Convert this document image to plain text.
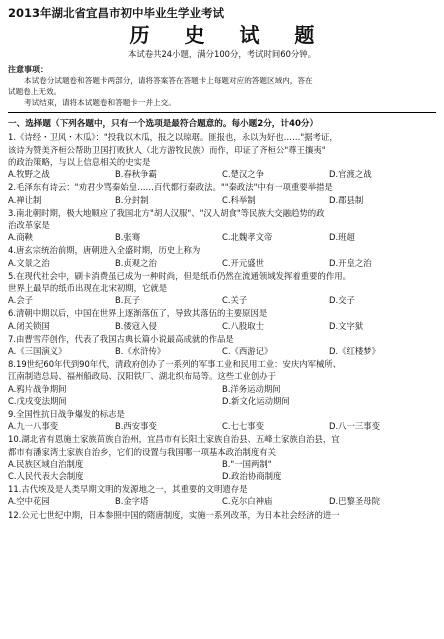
2013年湖北省宜昌市初中毕业生学业考试
历 史 试 题
本试卷共24小题，满分100分，考试时间60分钟。
注意事项：

本试卷分试题卷和答题卡两部分，请将答案答在答题卡上每题对应的答题区域内，答在

试题卷上无效。

考试结束，请将本试题卷和答题卡一并上交。

一、选择题（下列各题中，只有一个选项是最符合题意的。每小题2分，计40分）
1.《诗经・卫风・木瓜》："投我以木瓜，报之以琼琚。匪报也，永以为好也……"据考证，
该诗为赞美齐桓公帮助卫国打败狄人（北方游牧民族）而作，印证了齐桓公"尊王攘夷"
的政治策略，与以上信息相关的史实是
A.牧野之战	B.春秋争霸	C.楚汉之争	D.官渡之战
2.毛泽东有诗云："劝君少骂秦始皇……百代都行秦政法。""秦政法"中有一项重要举措是
A.禅让制	B.分封制	C.科举制	D.郡县制
3.南北朝时期，极大地顺应了我国北方"胡人汉服"、"汉人胡食"等民族大交融趋势的政
治改革家是
A.商鞅	B.张骞	C.北魏孝文帝	D.班超
4.唐玄宗统治前期，唐朝进入全盛时期，历史上称为
A.文景之治	B.贞观之治	C.开元盛世	D.开皇之治
5.在现代社会中，刷卡消费虽已成为一种时尚，但是纸币仍然在流通领域发挥着重要的作用。
世界上最早的纸币出现在北宋初期，它就是
A.会子	B.瓦子	C.关子	D.交子
6.清朝中期以后，中国在世界上逐渐落伍了，导致其落伍的主要原因是
A.闭关锁国	B.倭寇入侵	C.八股取士	D.文字狱
7.由曹雪芹创作，代表了我国古典长篇小说最高成就的作品是
A.《三国演义》	B.《水浒传》	C.《西游记》	D.《红楼梦》
8.19世纪60年代到90年代，清政府创办了一系列的军事工业和民用工业：安庆内军械所、
江南制造总局、福州船政局、汉阳铁厂、湖北织布局等。这些工业创办于
A.鸦片战争期间	B.洋务运动期间
C.戊戌变法期间	D.新文化运动期间
9.全国性抗日战争爆发的标志是
A.九一八事变	B.西安事变	C.七七事变	D.八一三事变
10.湖北省有恩施土家族苗族自治州，宜昌市有长阳土家族自治县、五峰土家族自治县，宜
都市有潘家湾土家族自治乡，它们的设置与我国哪一项基本政治制度有关
A.民族区域自治制度	B."一国两制"
C.人民代表大会制度	D.政治协商制度
11.古代埃及是人类早期文明的发源地之一，其重要的文明遗存是
A.空中花园	B.金字塔	C.克尔白神庙	D.巴黎圣母院
12.公元七世纪中期，日本参照中国的隋唐制度，实施一系列改革，为日本社会经济的进一
